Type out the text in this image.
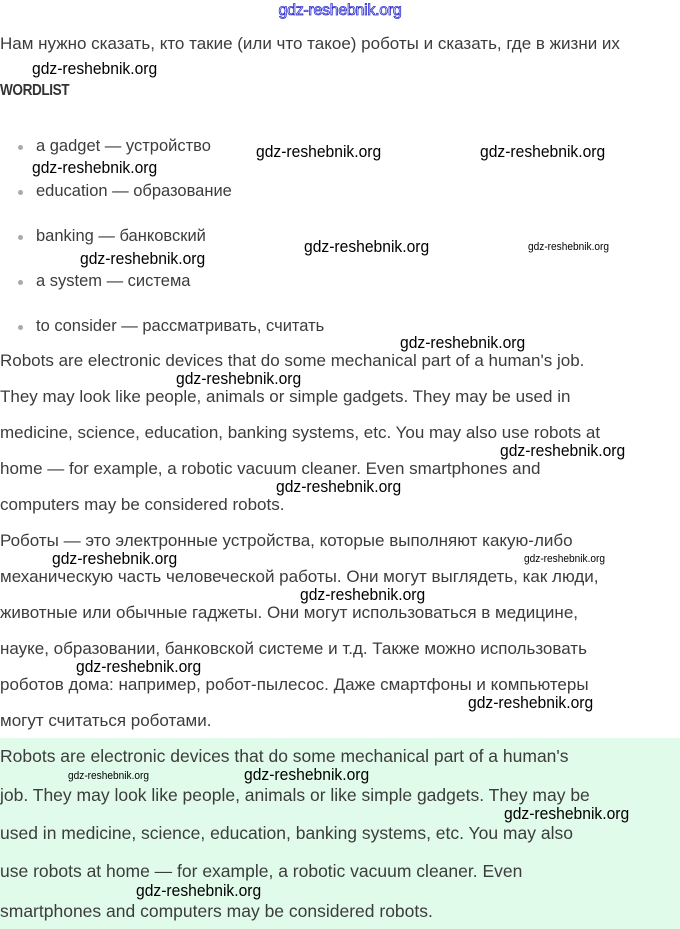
gdz-reshebnik.org
Нам нужно сказать, кто такие (или что такое) роботы и сказать, где в жизни их
WORDLIST
a gadget — устройство
education — образование
banking — банковский
a system — система
to consider — рассматривать, считать
Robots are electronic devices that do some mechanical part of a human's job.
They may look like people, animals or simple gadgets. They may be used in
medicine, science, education, banking systems, etc. You may also use robots at
home — for example, a robotic vacuum cleaner. Even smartphones and
computers may be considered robots.
Роботы — это электронные устройства, которые выполняют какую-либо
механическую часть человеческой работы. Они могут выглядеть, как люди,
животные или обычные гаджеты. Они могут использоваться в медицине,
науке, образовании, банковской системе и т.д. Также можно использовать
роботов дома: например, робот-пылесос. Даже смартфоны и компьютеры
могут считаться роботами.
Robots are electronic devices that do some mechanical part of a human's
job. They may look like people, animals or like simple gadgets. They may be
used in medicine, science, education, banking systems, etc. You may also
use robots at home — for example, a robotic vacuum cleaner. Even
smartphones and computers may be considered robots.
gdz-reshebnik.org
gdz-reshebnik.org	gdz-reshebnik.org
gdz-reshebnik.org
gdz-reshebnik.org	gdz-reshebnik.org
gdz-reshebnik.org
gdz-reshebnik.org
gdz-reshebnik.org
gdz-reshebnik.org
gdz-reshebnik.org
gdz-reshebnik.org	gdz-reshebnik.org
gdz-reshebnik.org
gdz-reshebnik.org
gdz-reshebnik.org
gdz-reshebnik.org	gdz-reshebnik.org
gdz-reshebnik.org
gdz-reshebnik.org
